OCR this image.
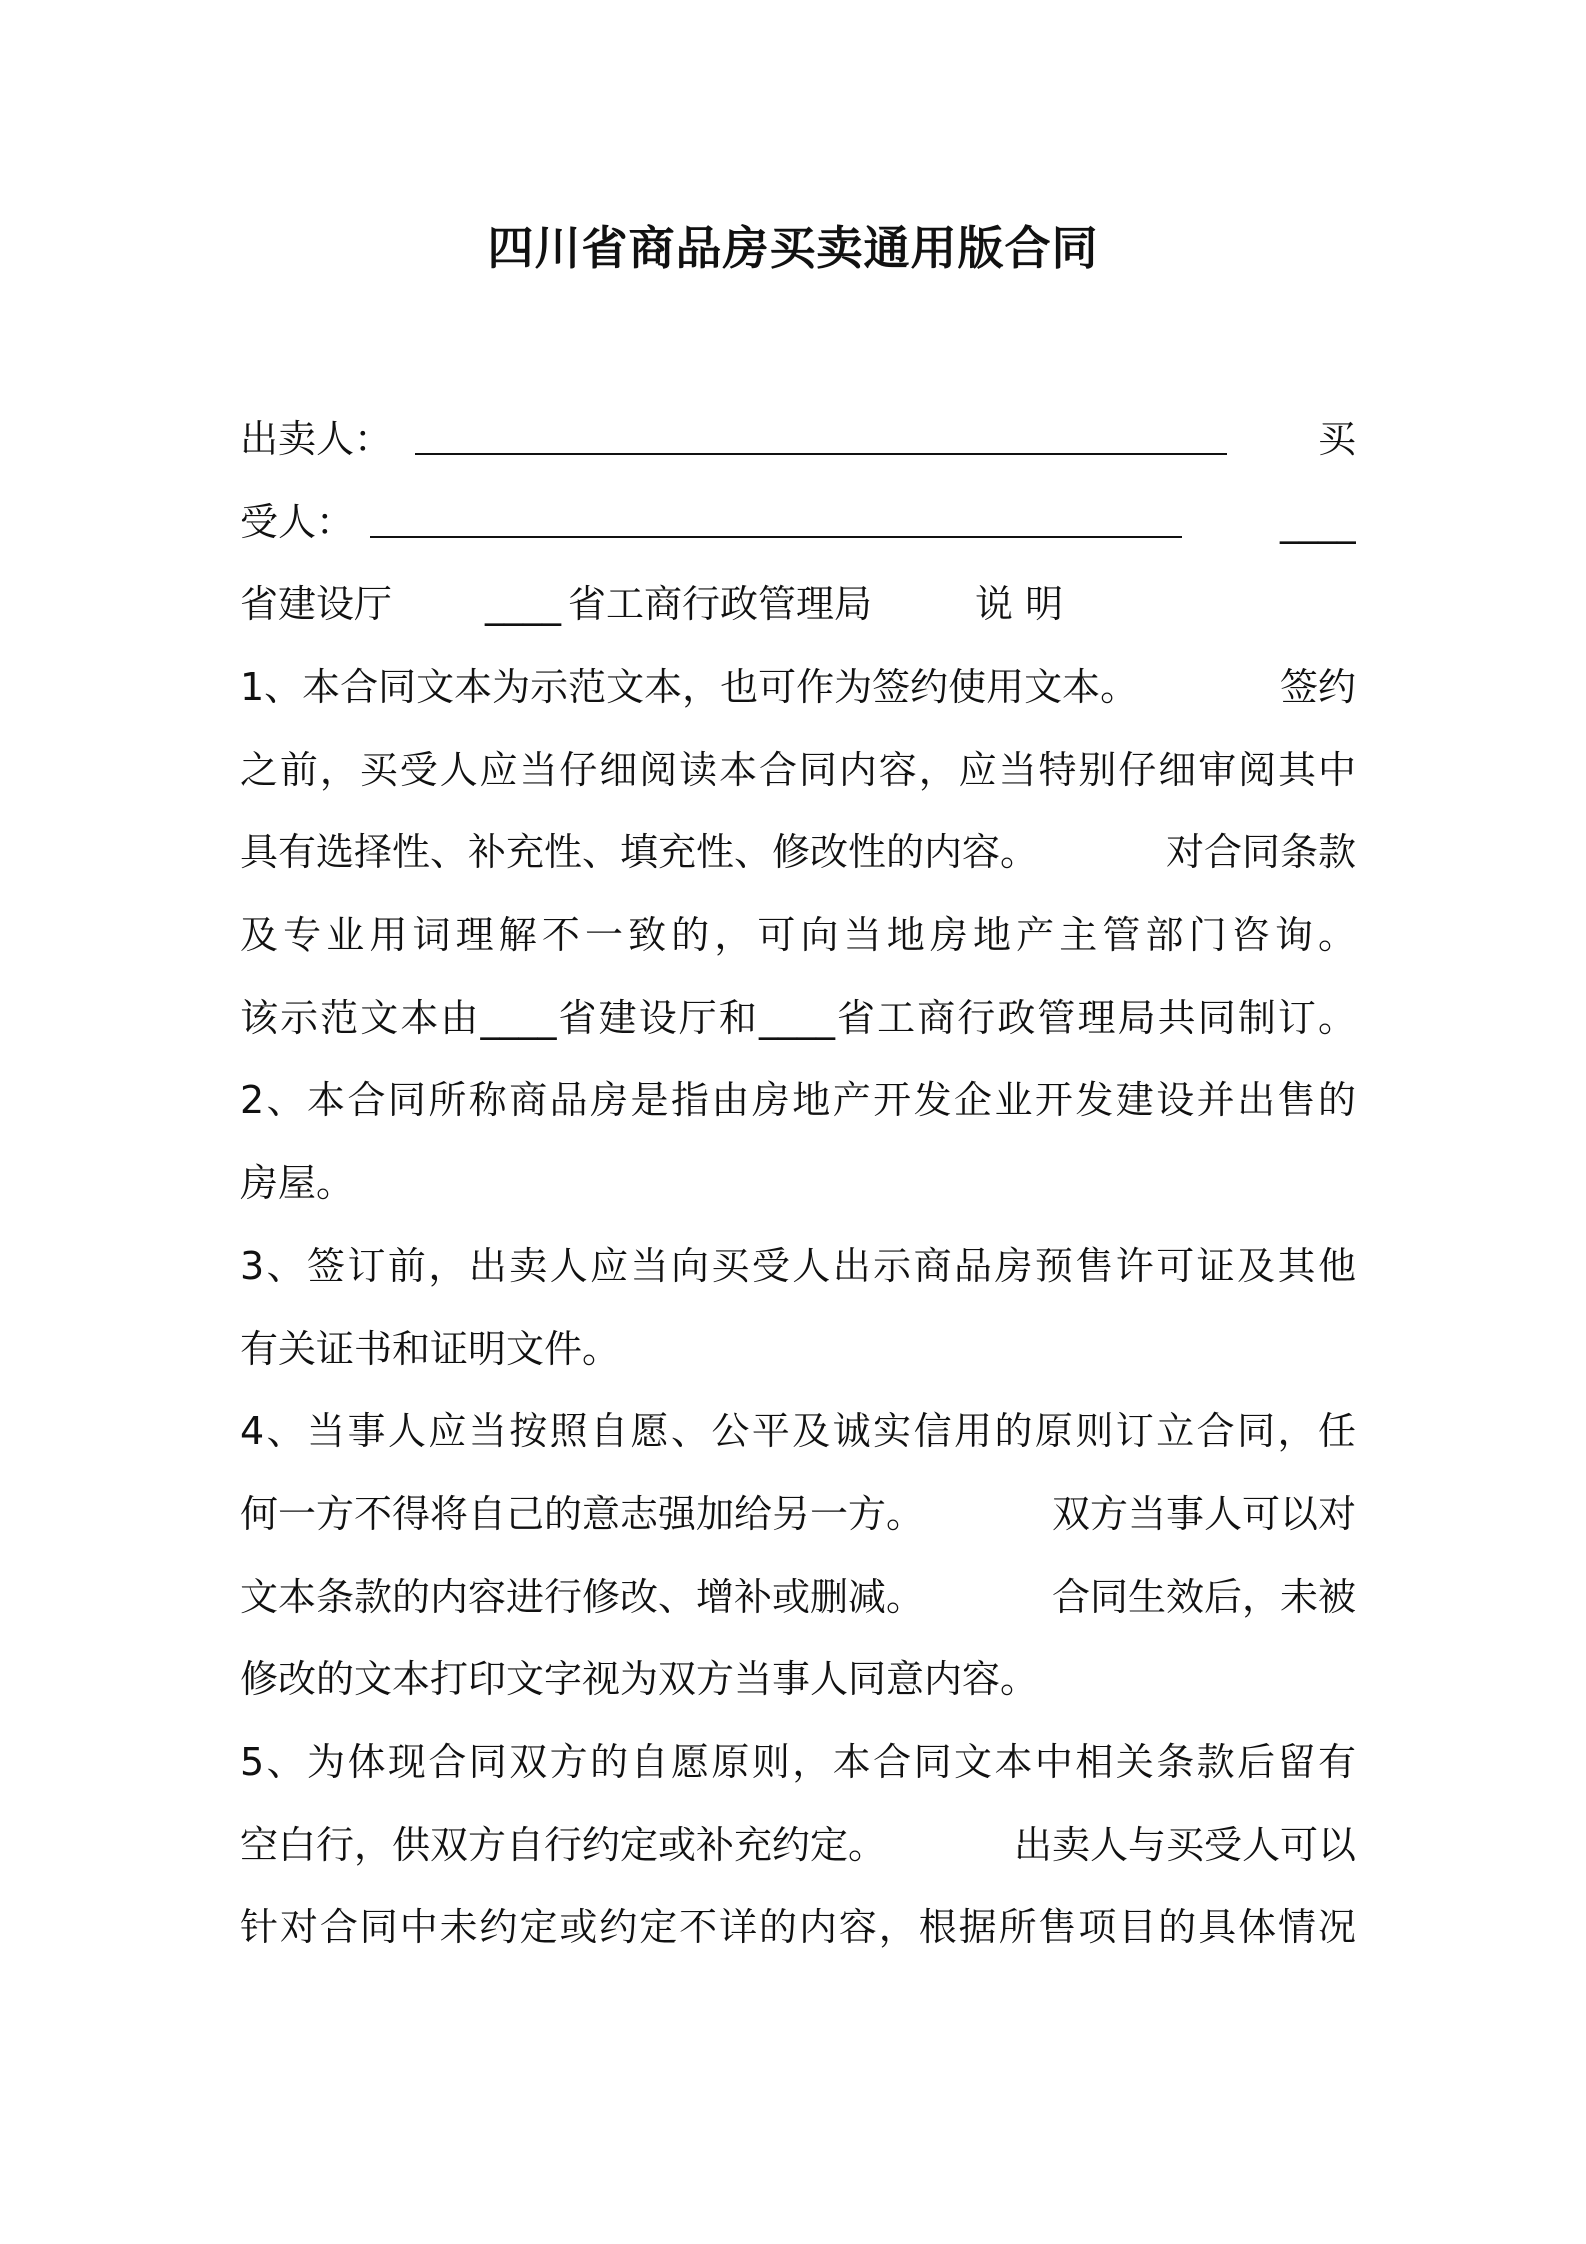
四川省商品房买卖通用版合同
出卖人：	买
受人：	____
省建设厅 ____ 省工商行政管理局	说 明
1、本合同文本为示范文本，也可作为签约使用文本。	签约
之前，买受人应当仔细阅读本合同内容，应当特别仔细审阅其中
具有选择性、补充性、填充性、修改性的内容。	对合同条款
及专业用词理解不一致的，可向当地房地产主管部门咨询。
该示范文本由____省建设厅和____省工商行政管理局共同制订。
2、本合同所称商品房是指由房地产开发企业开发建设并出售的
房屋。
3、签订前，出卖人应当向买受人出示商品房预售许可证及其他
有关证书和证明文件。
4、当事人应当按照自愿、公平及诚实信用的原则订立合同，任
何一方不得将自己的意志强加给另一方。	双方当事人可以对
文本条款的内容进行修改、增补或删减。	合同生效后，未被
修改的文本打印文字视为双方当事人同意内容。
5、为体现合同双方的自愿原则，本合同文本中相关条款后留有
空白行，供双方自行约定或补充约定。	出卖人与买受人可以
针对合同中未约定或约定不详的内容，根据所售项目的具体情况
